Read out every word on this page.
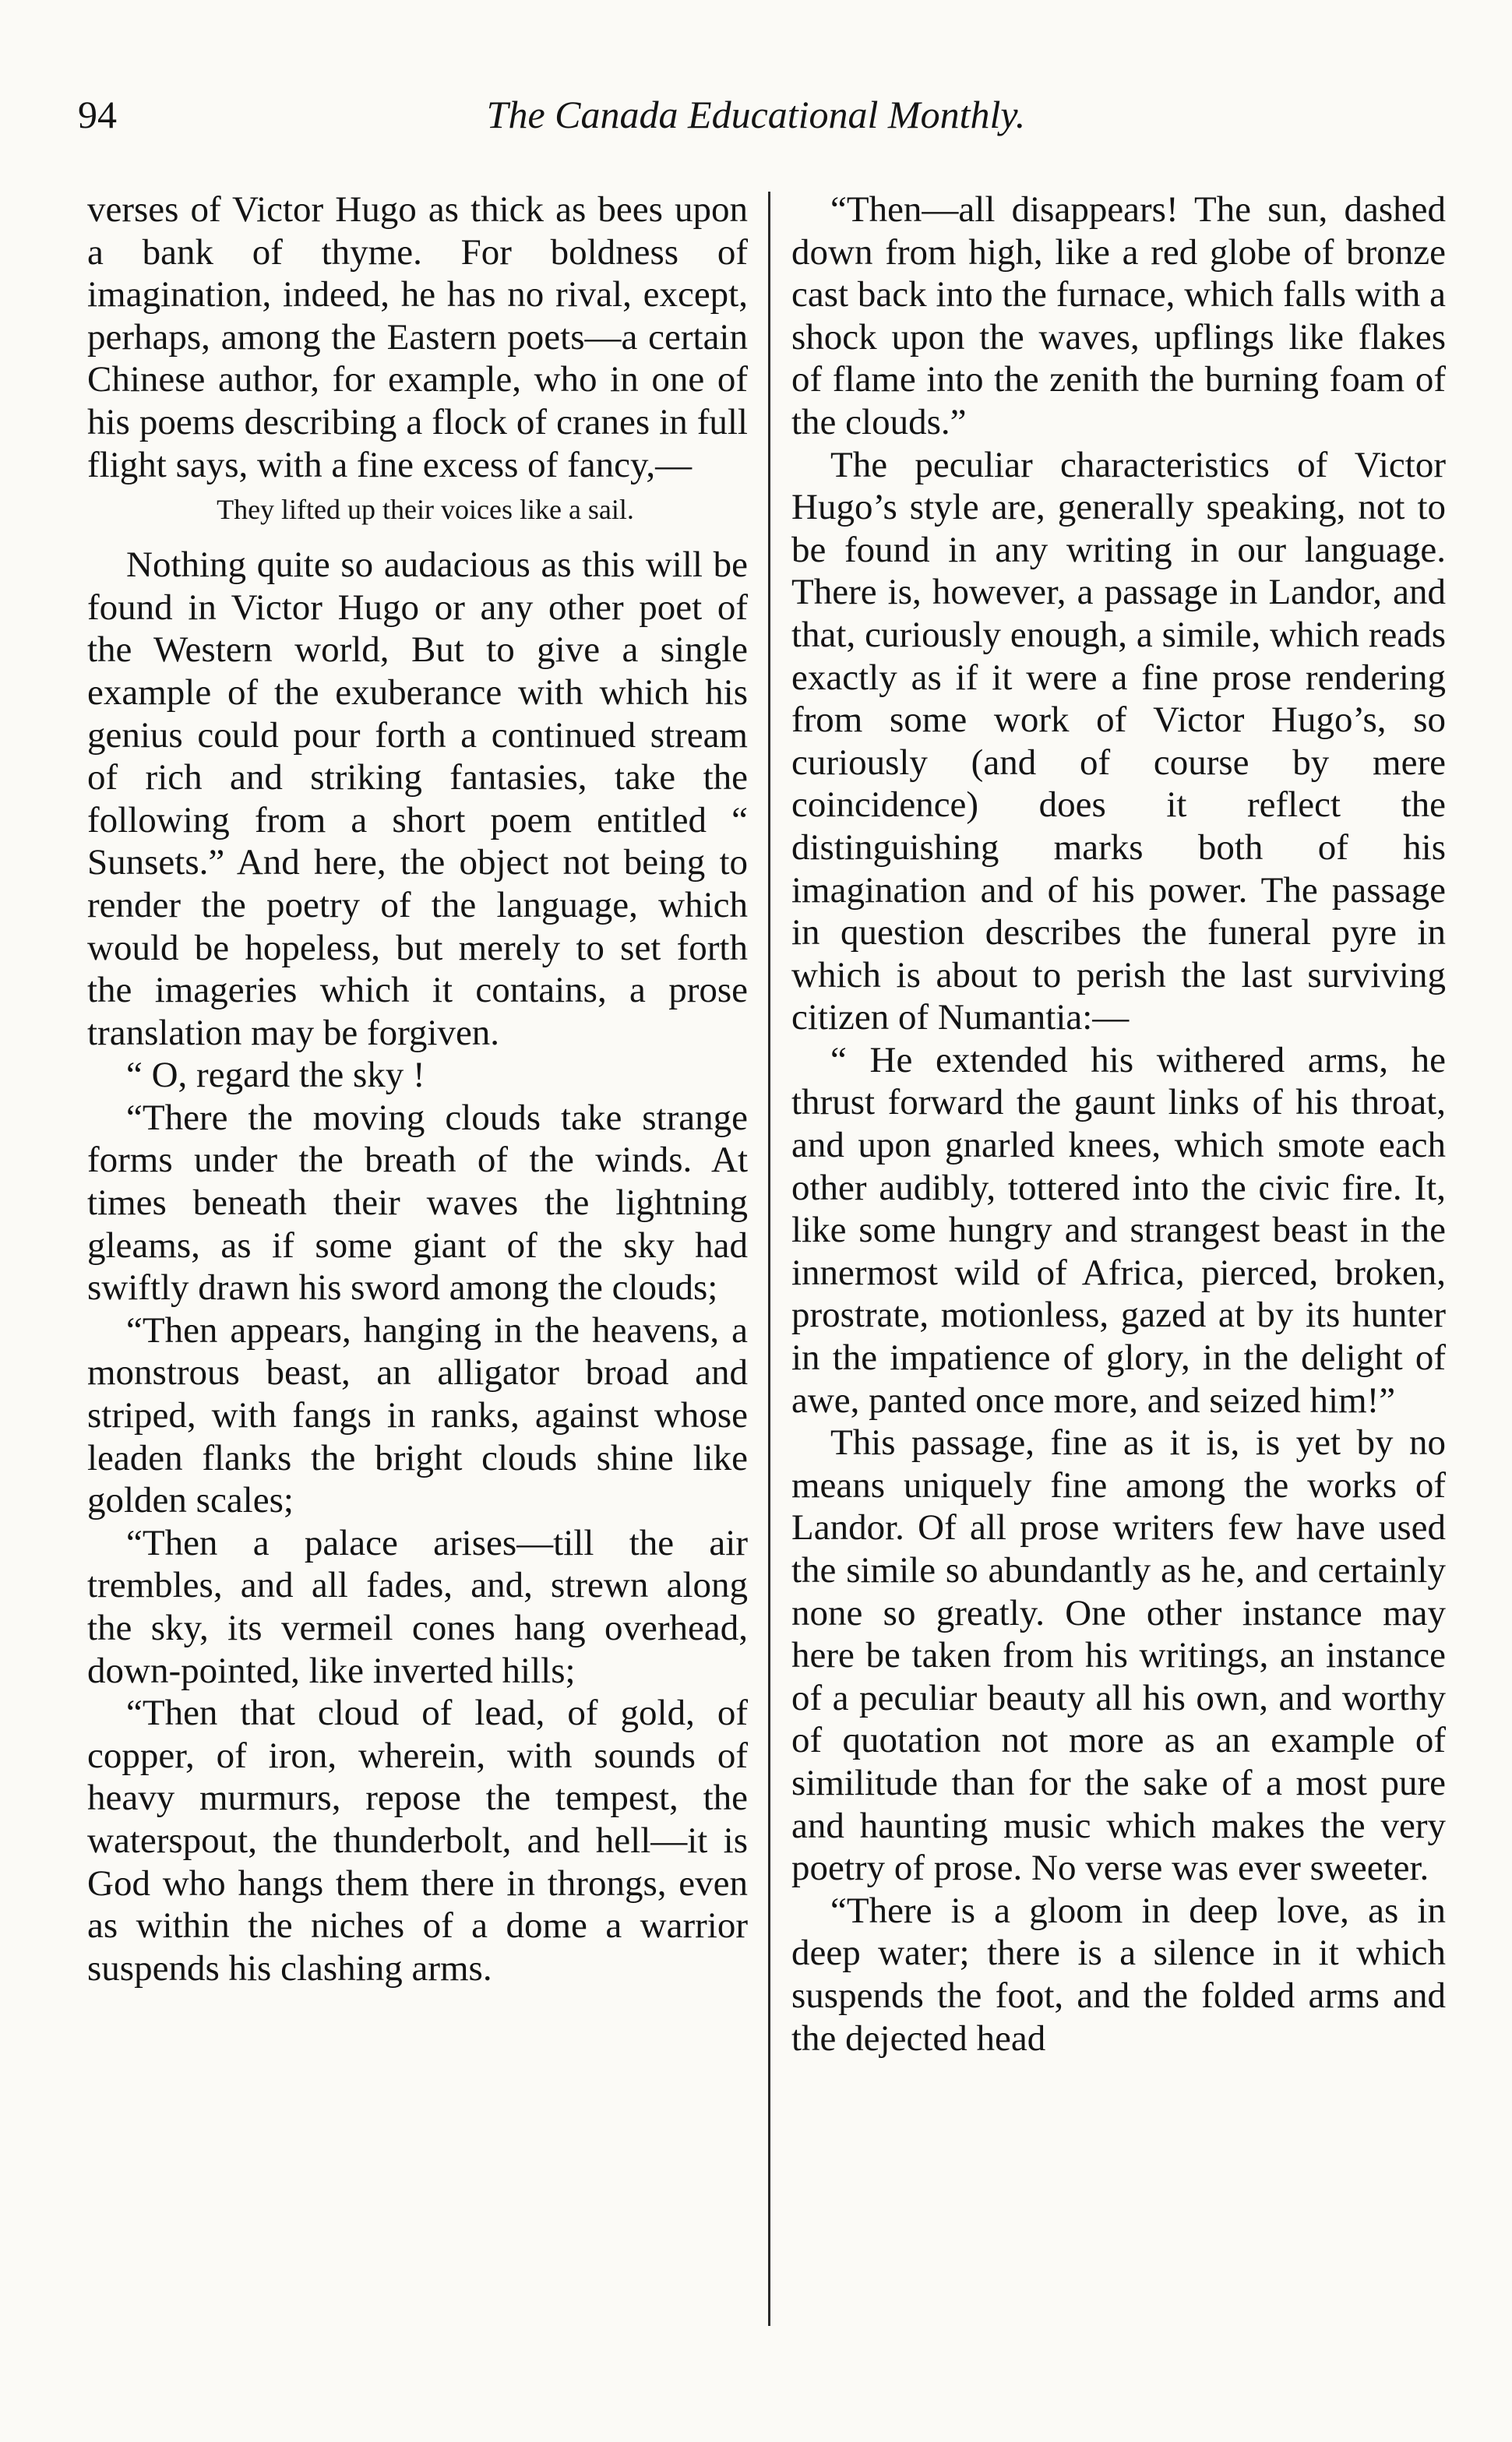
94	The Canada Educational Monthly.

verses of Victor Hugo as thick as bees upon a bank of thyme. For boldness of imagination, indeed, he has no rival, except, perhaps, among the Eastern poets—a certain Chinese author, for example, who in one of his poems describing a flock of cranes in full flight says, with a fine excess of fancy,—

They lifted up their voices like a sail.

Nothing quite so audacious as this will be found in Victor Hugo or any other poet of the Western world, But to give a single example of the exuberance with which his genius could pour forth a continued stream of rich and striking fantasies, take the following from a short poem entitled “ Sunsets.” And here, the object not being to render the poetry of the language, which would be hopeless, but merely to set forth the imageries which it contains, a prose translation may be forgiven.

“ O, regard the sky !

“There the moving clouds take strange forms under the breath of the winds. At times beneath their waves the lightning gleams, as if some giant of the sky had swiftly drawn his sword among the clouds;

“Then appears, hanging in the heavens, a monstrous beast, an alligator broad and striped, with fangs in ranks, against whose leaden flanks the bright clouds shine like golden scales;

“Then a palace arises—till the air trembles, and all fades, and, strewn along the sky, its vermeil cones hang overhead, down-pointed, like inverted hills;

“Then that cloud of lead, of gold, of copper, of iron, wherein, with sounds of heavy murmurs, repose the tempest, the waterspout, the thunderbolt, and hell—it is God who hangs them there in throngs, even as within the niches of a dome a warrior suspends his clashing arms.

“Then—all disappears! The sun, dashed down from high, like a red globe of bronze cast back into the furnace, which falls with a shock upon the waves, upflings like flakes of flame into the zenith the burning foam of the clouds.”

The peculiar characteristics of Victor Hugo’s style are, generally speaking, not to be found in any writing in our language. There is, however, a passage in Landor, and that, curiously enough, a simile, which reads exactly as if it were a fine prose rendering from some work of Victor Hugo’s, so curiously (and of course by mere coincidence) does it reflect the distinguishing marks both of his imagination and of his power. The passage in question describes the funeral pyre in which is about to perish the last surviving citizen of Numantia:—

“ He extended his withered arms, he thrust forward the gaunt links of his throat, and upon gnarled knees, which smote each other audibly, tottered into the civic fire. It, like some hungry and strangest beast in the innermost wild of Africa, pierced, broken, prostrate, motionless, gazed at by its hunter in the impatience of glory, in the delight of awe, panted once more, and seized him!”

This passage, fine as it is, is yet by no means uniquely fine among the works of Landor. Of all prose writers few have used the simile so abundantly as he, and certainly none so greatly. One other instance may here be taken from his writings, an instance of a peculiar beauty all his own, and worthy of quotation not more as an example of similitude than for the sake of a most pure and haunting music which makes the very poetry of prose. No verse was ever sweeter.

“There is a gloom in deep love, as in deep water; there is a silence in it which suspends the foot, and the folded arms and the dejected head
